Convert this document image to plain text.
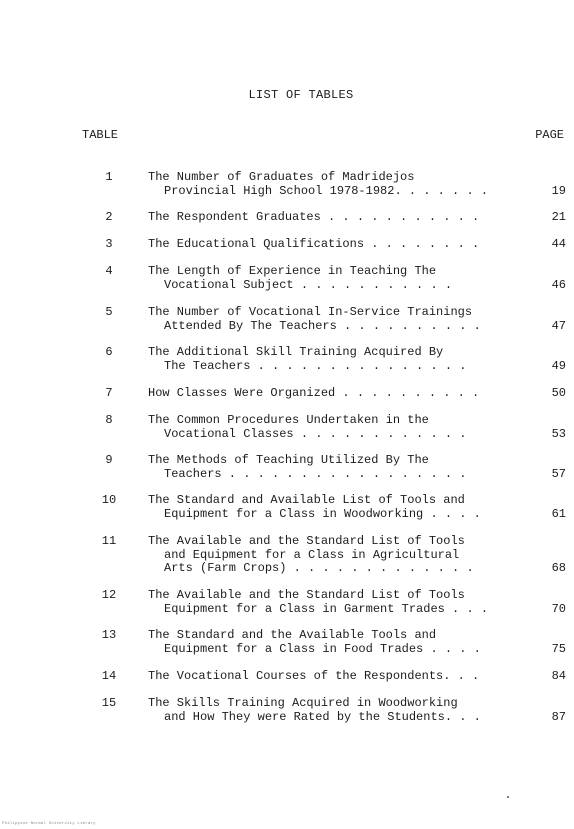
LIST OF TABLES
TABLE	PAGE
1	The Number of Graduates of Madridejos
Provincial High School 1978-1982. . . . . . .	19
2	The Respondent Graduates . . . . . . . . . . .	21
3	The Educational Qualifications . . . . . . . .	44
4	The Length of Experience in Teaching The
Vocational Subject . . . . . . . . . . .	46
5	The Number of Vocational In-Service Trainings
Attended By The Teachers . . . . . . . . . .	47
6	The Additional Skill Training Acquired By
The Teachers . . . . . . . . . . . . . . .	49
7	How Classes Were Organized . . . . . . . . . .	50
8	The Common Procedures Undertaken in the
Vocational Classes . . . . . . . . . . . .	53
9	The Methods of Teaching Utilized By The
Teachers . . . . . . . . . . . . . . . . .	57
10	The Standard and Available List of Tools and
Equipment for a Class in Woodworking . . . .	61
11	The Available and the Standard List of Tools
and Equipment for a Class in Agricultural
Arts (Farm Crops) . . . . . . . . . . . . .	68
12	The Available and the Standard List of Tools
Equipment for a Class in Garment Trades . . .	70
13	The Standard and the Available Tools and
Equipment for a Class in Food Trades . . . .	75
14	The Vocational Courses of the Respondents. . .	84
15	The Skills Training Acquired in Woodworking
and How They were Rated by the Students. . .	87
Philippine Normal University Library
